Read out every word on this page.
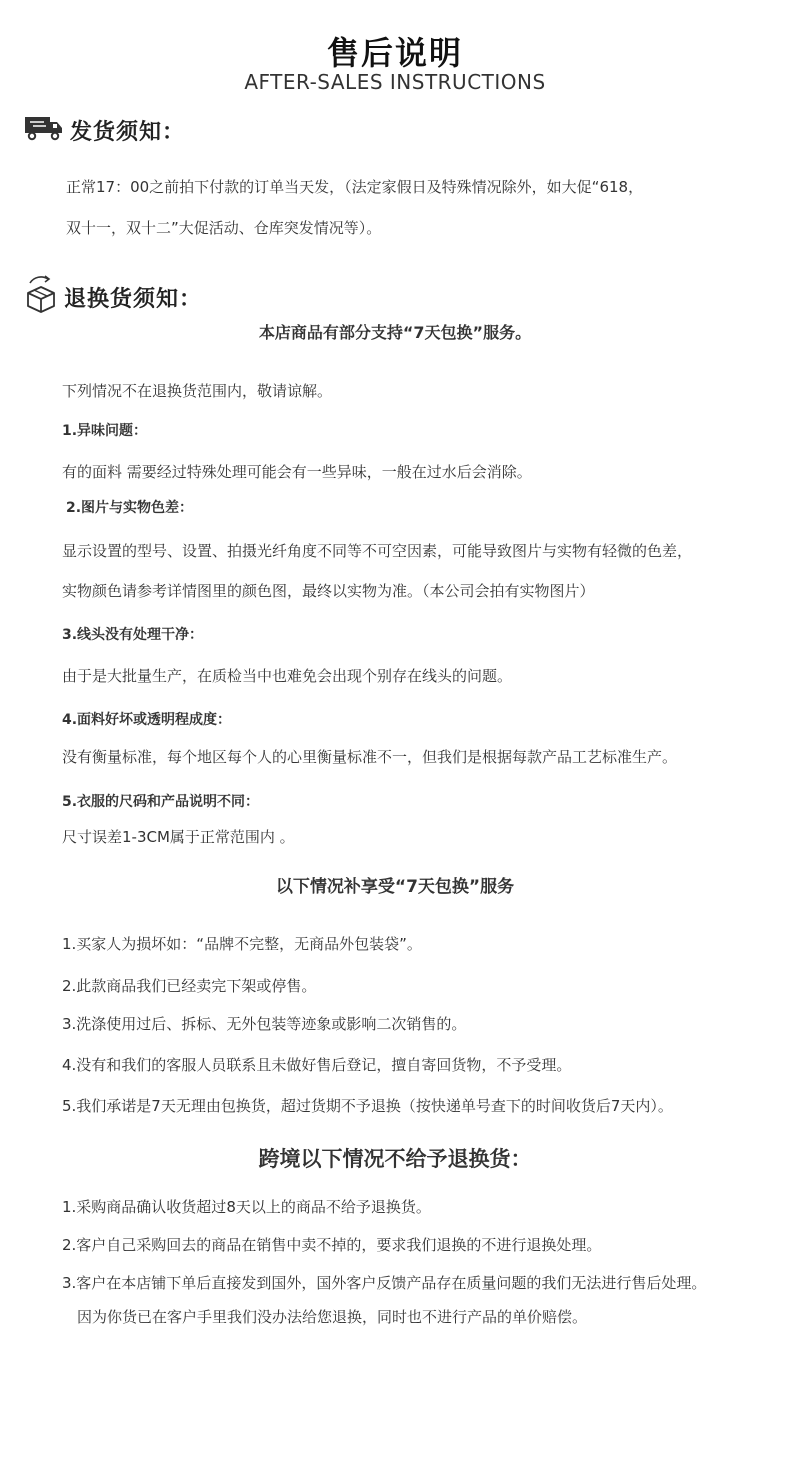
售后说明
AFTER-SALES INSTRUCTIONS
发货须知：
正常17：00之前拍下付款的订单当天发，（法定家假日及特殊情况除外，如大促“618，
双十一，双十二”大促活动、仓库突发情况等）。
退换货须知：
本店商品有部分支持“7天包换”服务。
下列情况不在退换货范围内，敬请谅解。
1.异味问题：
有的面料 需要经过特殊处理可能会有一些异味，一般在过水后会消除。
2.图片与实物色差：
显示设置的型号、设置、拍摄光纤角度不同等不可空因素，可能导致图片与实物有轻微的色差，
实物颜色请参考详情图里的颜色图，最终以实物为准。（本公司会拍有实物图片）
3.线头没有处理干净：
由于是大批量生产，在质检当中也难免会出现个别存在线头的问题。
4.面料好坏或透明程成度：
没有衡量标准，每个地区每个人的心里衡量标准不一，但我们是根据每款产品工艺标准生产。
5.衣服的尺码和产品说明不同：
尺寸误差1-3CM属于正常范围内 。
以下情况补享受“7天包换”服务
1.买家人为损坏如：“品牌不完整，无商品外包装袋”。
2.此款商品我们已经卖完下架或停售。
3.洗涤使用过后、拆标、无外包装等迹象或影响二次销售的。
4.没有和我们的客服人员联系且未做好售后登记，擅自寄回货物，不予受理。
5.我们承诺是7天无理由包换货，超过货期不予退换（按快递单号查下的时间收货后7天内）。
跨境以下情况不给予退换货：
1.采购商品确认收货超过8天以上的商品不给予退换货。
2.客户自己采购回去的商品在销售中卖不掉的，要求我们退换的不进行退换处理。
3.客户在本店铺下单后直接发到国外，国外客户反馈产品存在质量问题的我们无法进行售后处理。
因为你货已在客户手里我们没办法给您退换，同时也不进行产品的单价赔偿。
